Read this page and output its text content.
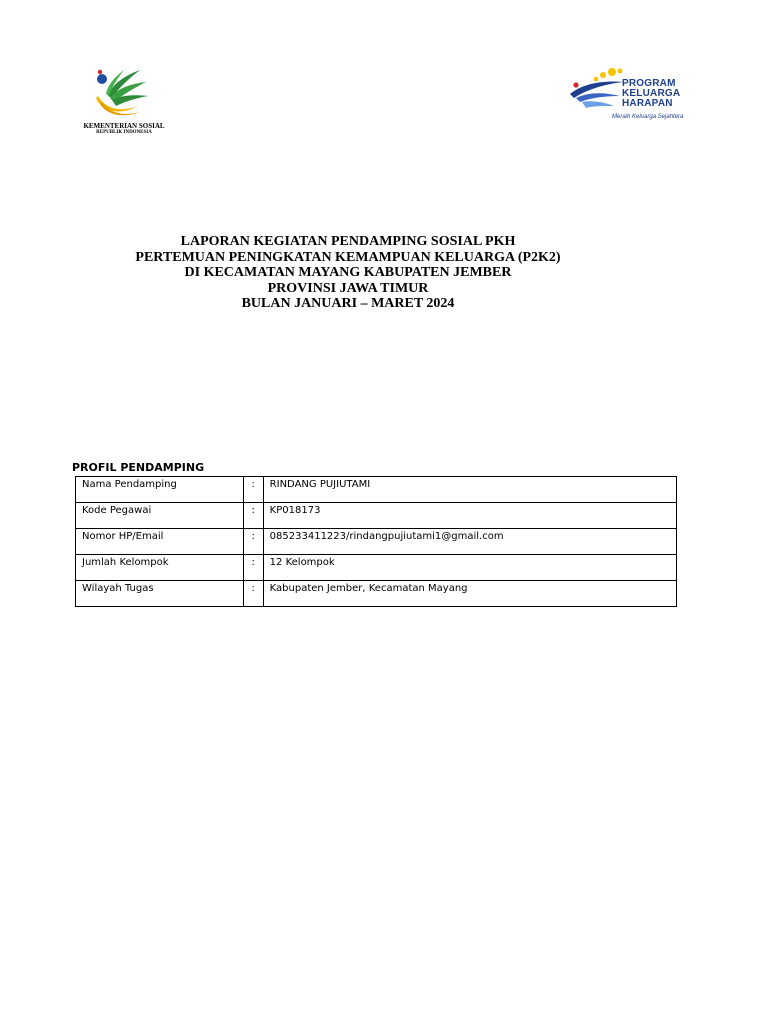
KEMENTERIAN SOSIAL
REPUBLIK INDONESIA
PROGRAM
KELUARGA
HARAPAN
Meraih Keluarga Sejahtera
LAPORAN KEGIATAN PENDAMPING SOSIAL PKH
PERTEMUAN PENINGKATAN KEMAMPUAN KELUARGA (P2K2)
DI KECAMATAN MAYANG KABUPATEN JEMBER
PROVINSI JAWA TIMUR
BULAN JANUARI – MARET 2024
PROFIL PENDAMPING
Nama Pendamping	:	RINDANG PUJIUTAMI
Kode Pegawai	:	KP018173
Nomor HP/Email	:	085233411223/rindangpujiutami1@gmail.com
Jumlah Kelompok	:	12 Kelompok
Wilayah Tugas	:	Kabupaten Jember, Kecamatan Mayang
